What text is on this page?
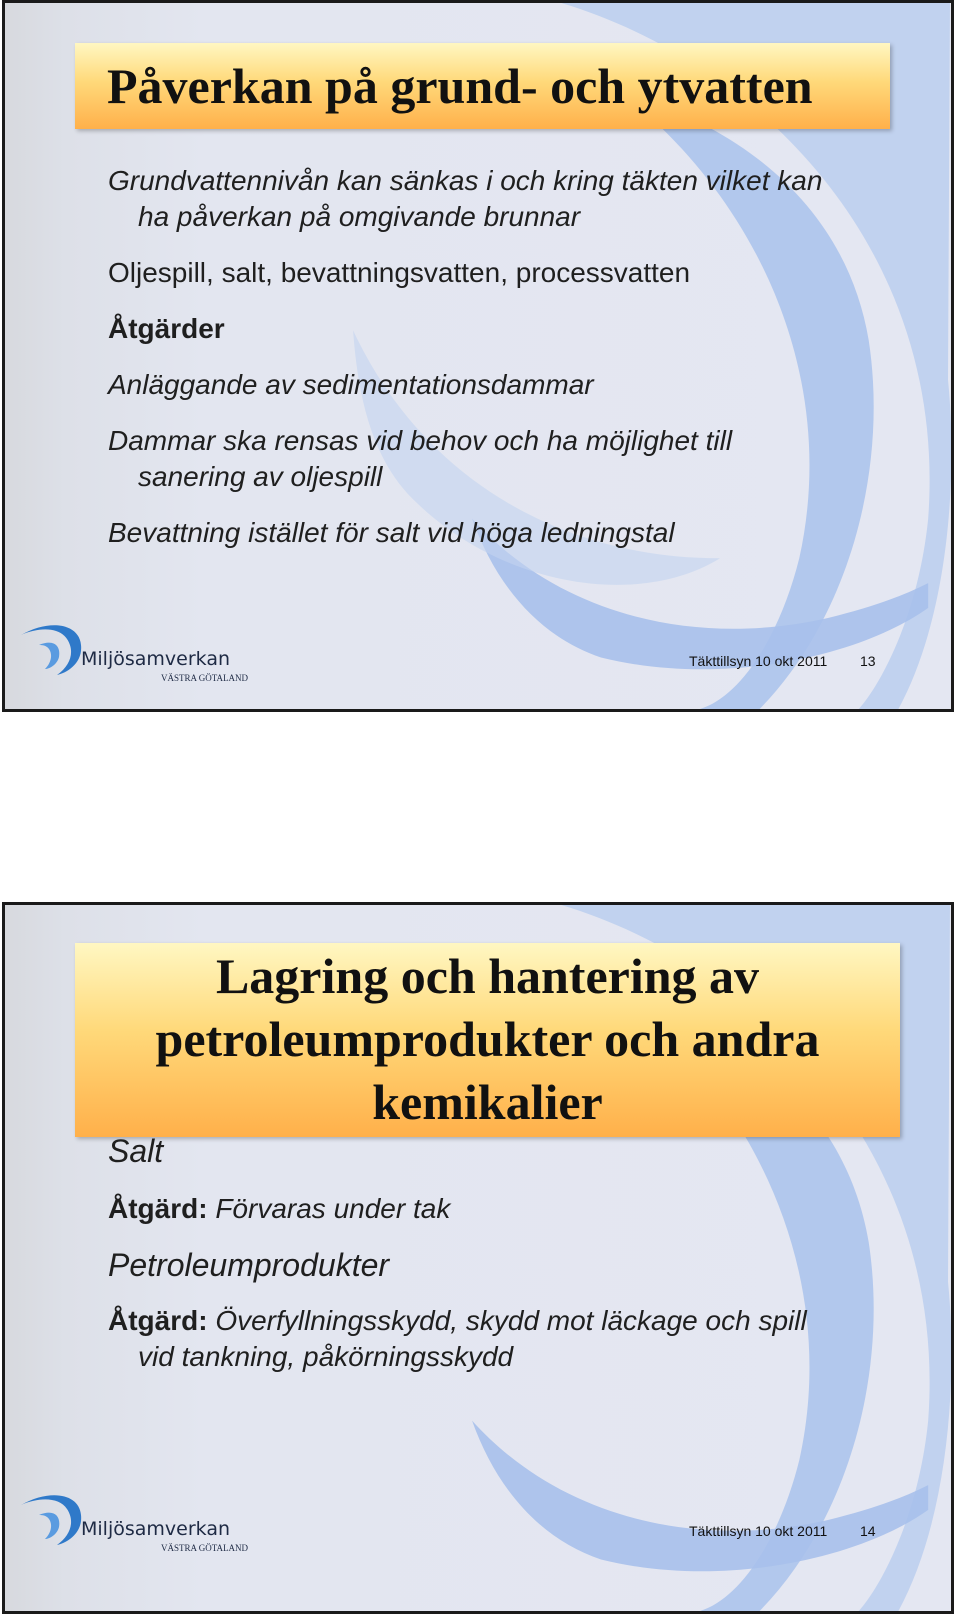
Påverkan på grund- och ytvatten
Grundvattennivån kan sänkas i och kring täkten vilket kan
ha påverkan på omgivande brunnar
Oljespill, salt, bevattningsvatten, processvatten
Åtgärder
Anläggande av sedimentationsdammar
Dammar ska rensas vid behov och ha möjlighet till
sanering av oljespill
Bevattning istället för salt vid höga ledningstal
Miljösamverkan
VÄSTRA GÖTALAND
Täkttillsyn 10 okt 2011 13
Lagring och hantering av
petroleumprodukter och andra
kemikalier
Salt
Åtgärd: Förvaras under tak
Petroleumprodukter
Åtgärd: Överfyllningsskydd, skydd mot läckage och spill
vid tankning, påkörningsskydd
Miljösamverkan
VÄSTRA GÖTALAND
Täkttillsyn 10 okt 2011 14
